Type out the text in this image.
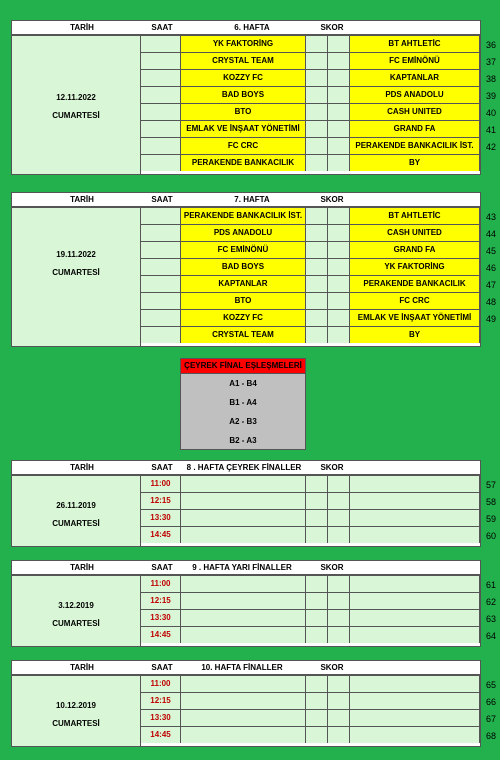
TARİH	SAAT	6. HAFTA	SKOR
12.11.2022
CUMARTESİ
YK FAKTORİNG	BT AHTLETİC	36
CRYSTAL TEAM	FC EMİNÖNÜ	37
KOZZY FC	KAPTANLAR	38
BAD BOYS	PDS ANADOLU	39
BTO	CASH UNITED	40
EMLAK VE İNŞAAT YÖNETİMİ	GRAND FA	41
FC CRC	PERAKENDE BANKACILIK İST.	42
PERAKENDE BANKACILIK	BY
TARİH	SAAT	7. HAFTA	SKOR
19.11.2022
CUMARTESİ
PERAKENDE BANKACILIK İST.	BT AHTLETİC	43
PDS ANADOLU	CASH UNITED	44
FC EMİNÖNÜ	GRAND FA	45
BAD BOYS	YK FAKTORİNG	46
KAPTANLAR	PERAKENDE BANKACILIK	47
BTO	FC CRC	48
KOZZY FC	EMLAK VE İNŞAAT YÖNETİMİ	49
CRYSTAL TEAM	BY
ÇEYREK FİNAL EŞLEŞMELERİ
A1 - B4
B1 - A4
A2 - B3
B2 - A3
TARİH	SAAT	8 . HAFTA ÇEYREK FİNALLER	SKOR
26.11.2019
CUMARTESİ
11:00	57
12:15	58
13:30	59
14:45	60
TARİH	SAAT	9 . HAFTA YARI FİNALLER	SKOR
3.12.2019
CUMARTESİ
11:00	61
12:15	62
13:30	63
14:45	64
TARİH	SAAT	10. HAFTA FİNALLER	SKOR
10.12.2019
CUMARTESİ
11:00	65
12:15	66
13:30	67
14:45	68
